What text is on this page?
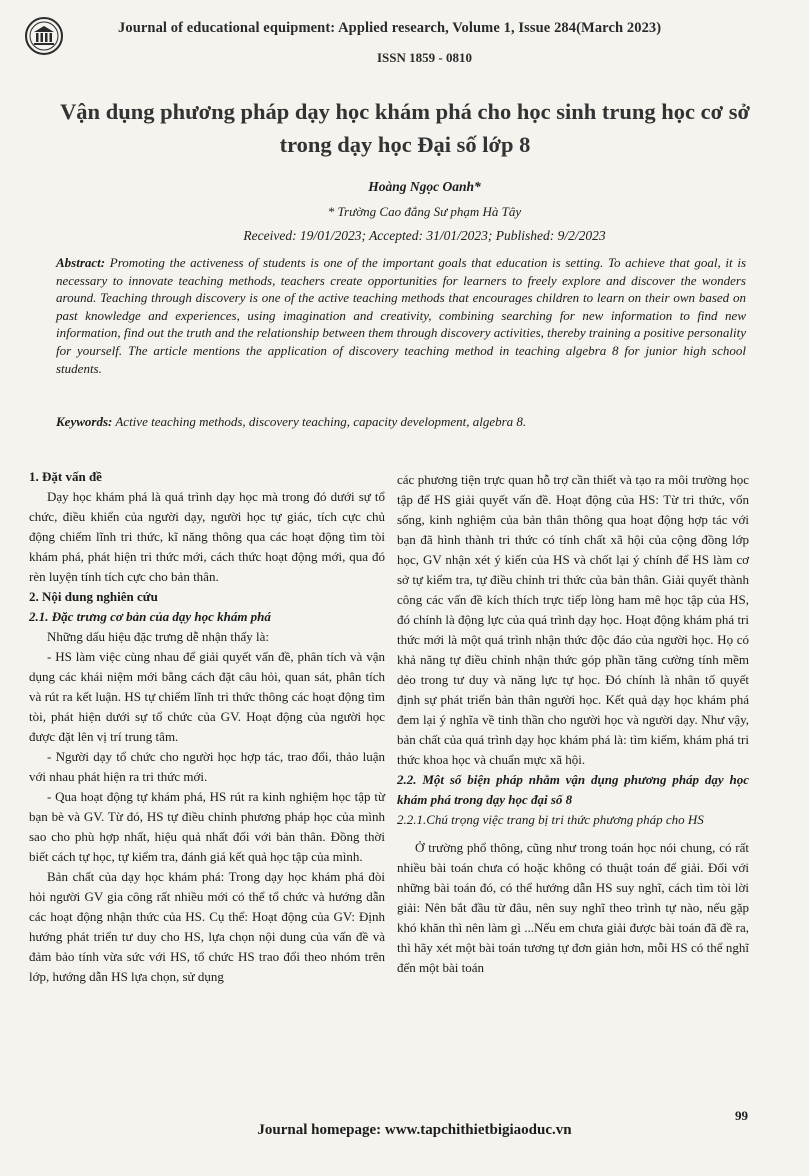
Journal of educational equipment: Applied research, Volume 1, Issue 284(March 2023)
ISSN 1859 - 0810
Vận dụng phương pháp dạy học khám phá cho học sinh trung học cơ sở trong dạy học Đại số lớp 8
Hoàng Ngọc Oanh*
* Trường Cao đẳng Sư phạm Hà Tây
Received: 19/01/2023; Accepted: 31/01/2023; Published: 9/2/2023
Abstract: Promoting the activeness of students is one of the important goals that education is setting. To achieve that goal, it is necessary to innovate teaching methods, teachers create opportunities for learners to freely explore and discover the wonders around. Teaching through discovery is one of the active teaching methods that encourages children to learn on their own based on past knowledge and experiences, using imagination and creativity, combining searching for new information to find new information, find out the truth and the relationship between them through discovery activities, thereby training a positive personality for yourself. The article mentions the application of discovery teaching method in teaching algebra 8 for junior high school students.
Keywords: Active teaching methods, discovery teaching, capacity development, algebra 8.
1. Đặt vấn đề

Dạy học khám phá là quá trình dạy học mà trong đó dưới sự tổ chức, điều khiển của người dạy, người học tự giác, tích cực chủ động chiếm lĩnh tri thức, kĩ năng thông qua các hoạt động tìm tòi khám phá, phát hiện tri thức mới, cách thức hoạt động mới, qua đó rèn luyện tính tích cực cho bản thân.

2. Nội dung nghiên cứu
2.1. Đặc trưng cơ bản của dạy học khám phá

Những dấu hiệu đặc trưng dễ nhận thấy là:

- HS làm việc cùng nhau để giải quyết vấn đề, phân tích và vận dụng các khái niệm mới bằng cách đặt câu hỏi, quan sát, phân tích và rút ra kết luận. HS tự chiếm lĩnh tri thức thông các hoạt động tìm tòi, phát hiện dưới sự tổ chức của GV. Hoạt động của người học được đặt lên vị trí trung tâm.

- Người dạy tổ chức cho người học hợp tác, trao đổi, thảo luận với nhau phát hiện ra tri thức mới.

- Qua hoạt động tự khám phá, HS rút ra kinh nghiệm học tập từ bạn bè và GV. Từ đó, HS tự điều chỉnh phương pháp học của mình sao cho phù hợp nhất, hiệu quả nhất đối với bản thân. Đồng thời biết cách tự học, tự kiểm tra, đánh giá kết quả học tập của mình.

Bản chất của dạy học khám phá: Trong dạy học khám phá đòi hỏi người GV gia công rất nhiều mới có thể tổ chức và hướng dẫn các hoạt động nhận thức của HS. Cụ thể: Hoạt động của GV: Định hướng phát triển tư duy cho HS, lựa chọn nội dung của vấn đề và đảm bảo tính vừa sức với HS, tổ chức HS trao đổi theo nhóm trên lớp, hướng dẫn HS lựa chọn, sử dụng

các phương tiện trực quan hỗ trợ cần thiết và tạo ra môi trường học tập để HS giải quyết vấn đề. Hoạt động của HS: Từ tri thức, vốn sống, kinh nghiệm của bản thân thông qua hoạt động hợp tác với bạn đã hình thành tri thức có tính chất xã hội của cộng đồng lớp học, GV nhận xét ý kiến của HS và chốt lại ý chính để HS làm cơ sở tự kiểm tra, tự điều chỉnh tri thức của bản thân. Giải quyết thành công các vấn đề kích thích trực tiếp lòng ham mê học tập của HS, đó chính là động lực của quá trình dạy học. Hoạt động khám phá tri thức mới là một quá trình nhận thức độc đáo của người học. Họ có khả năng tự điều chỉnh nhận thức góp phần tăng cường tính mềm dẻo trong tư duy và năng lực tự học. Đó chính là nhân tố quyết định sự phát triển bản thân người học. Kết quả dạy học khám phá đem lại ý nghĩa về tinh thần cho người học và người dạy. Như vậy, bản chất của quá trình dạy học khám phá là: tìm kiếm, khám phá tri thức khoa học và chuẩn mực xã hội.

2.2. Một số biện pháp nhằm vận dụng phương pháp dạy học khám phá trong dạy học đại số 8
2.2.1.Chú trọng việc trang bị tri thức phương pháp cho HS

Ở trường phổ thông, cũng như trong toán học nói chung, có rất nhiều bài toán chưa có hoặc không có thuật toán để giải. Đối với những bài toán đó, có thể hướng dẫn HS suy nghĩ, cách tìm tòi lời giải: Nên bắt đầu từ đâu, nên suy nghĩ theo trình tự nào, nếu gặp khó khăn thì nên làm gì ...Nếu em chưa giải được bài toán đã đề ra, thì hãy xét một bài toán tương tự đơn giản hơn, mỗi HS có thể nghĩ đến một bài toán

99
Journal homepage: www.tapchithietbigiaoduc.vn
